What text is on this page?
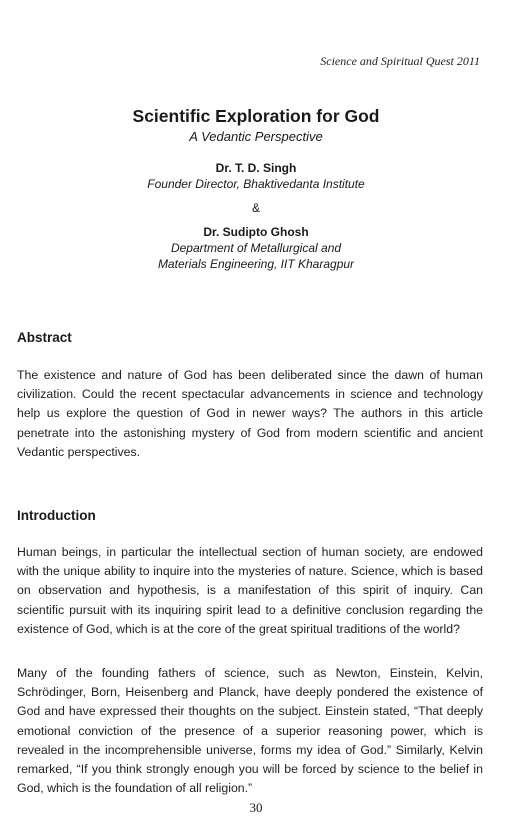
Science and Spiritual Quest 2011

Scientific Exploration for God

A Vedantic Perspective

Dr. T. D. Singh
Founder Director, Bhaktivedanta Institute
&
Dr. Sudipto Ghosh
Department of Metallurgical and
Materials Engineering, IIT Kharagpur
Abstract

The existence and nature of God has been deliberated since the dawn of human civilization. Could the recent spectacular advancements in science and technology help us explore the question of God in newer ways? The authors in this article penetrate into the astonishing mystery of God from modern scientific and ancient Vedantic perspectives.

Introduction

Human beings, in particular the intellectual section of human society, are endowed with the unique ability to inquire into the mysteries of nature. Science, which is based on observation and hypothesis, is a manifestation of this spirit of inquiry. Can scientific pursuit with its inquiring spirit lead to a definitive conclusion regarding the existence of God, which is at the core of the great spiritual traditions of the world?

Many of the founding fathers of science, such as Newton, Einstein, Kelvin, Schrödinger, Born, Heisenberg and Planck, have deeply pondered the existence of God and have expressed their thoughts on the subject. Einstein stated, “That deeply emotional conviction of the presence of a superior reasoning power, which is revealed in the incomprehensible universe, forms my idea of God.” Similarly, Kelvin remarked, “If you think strongly enough you will be forced by science to the belief in God, which is the foundation of all religion.”

30
